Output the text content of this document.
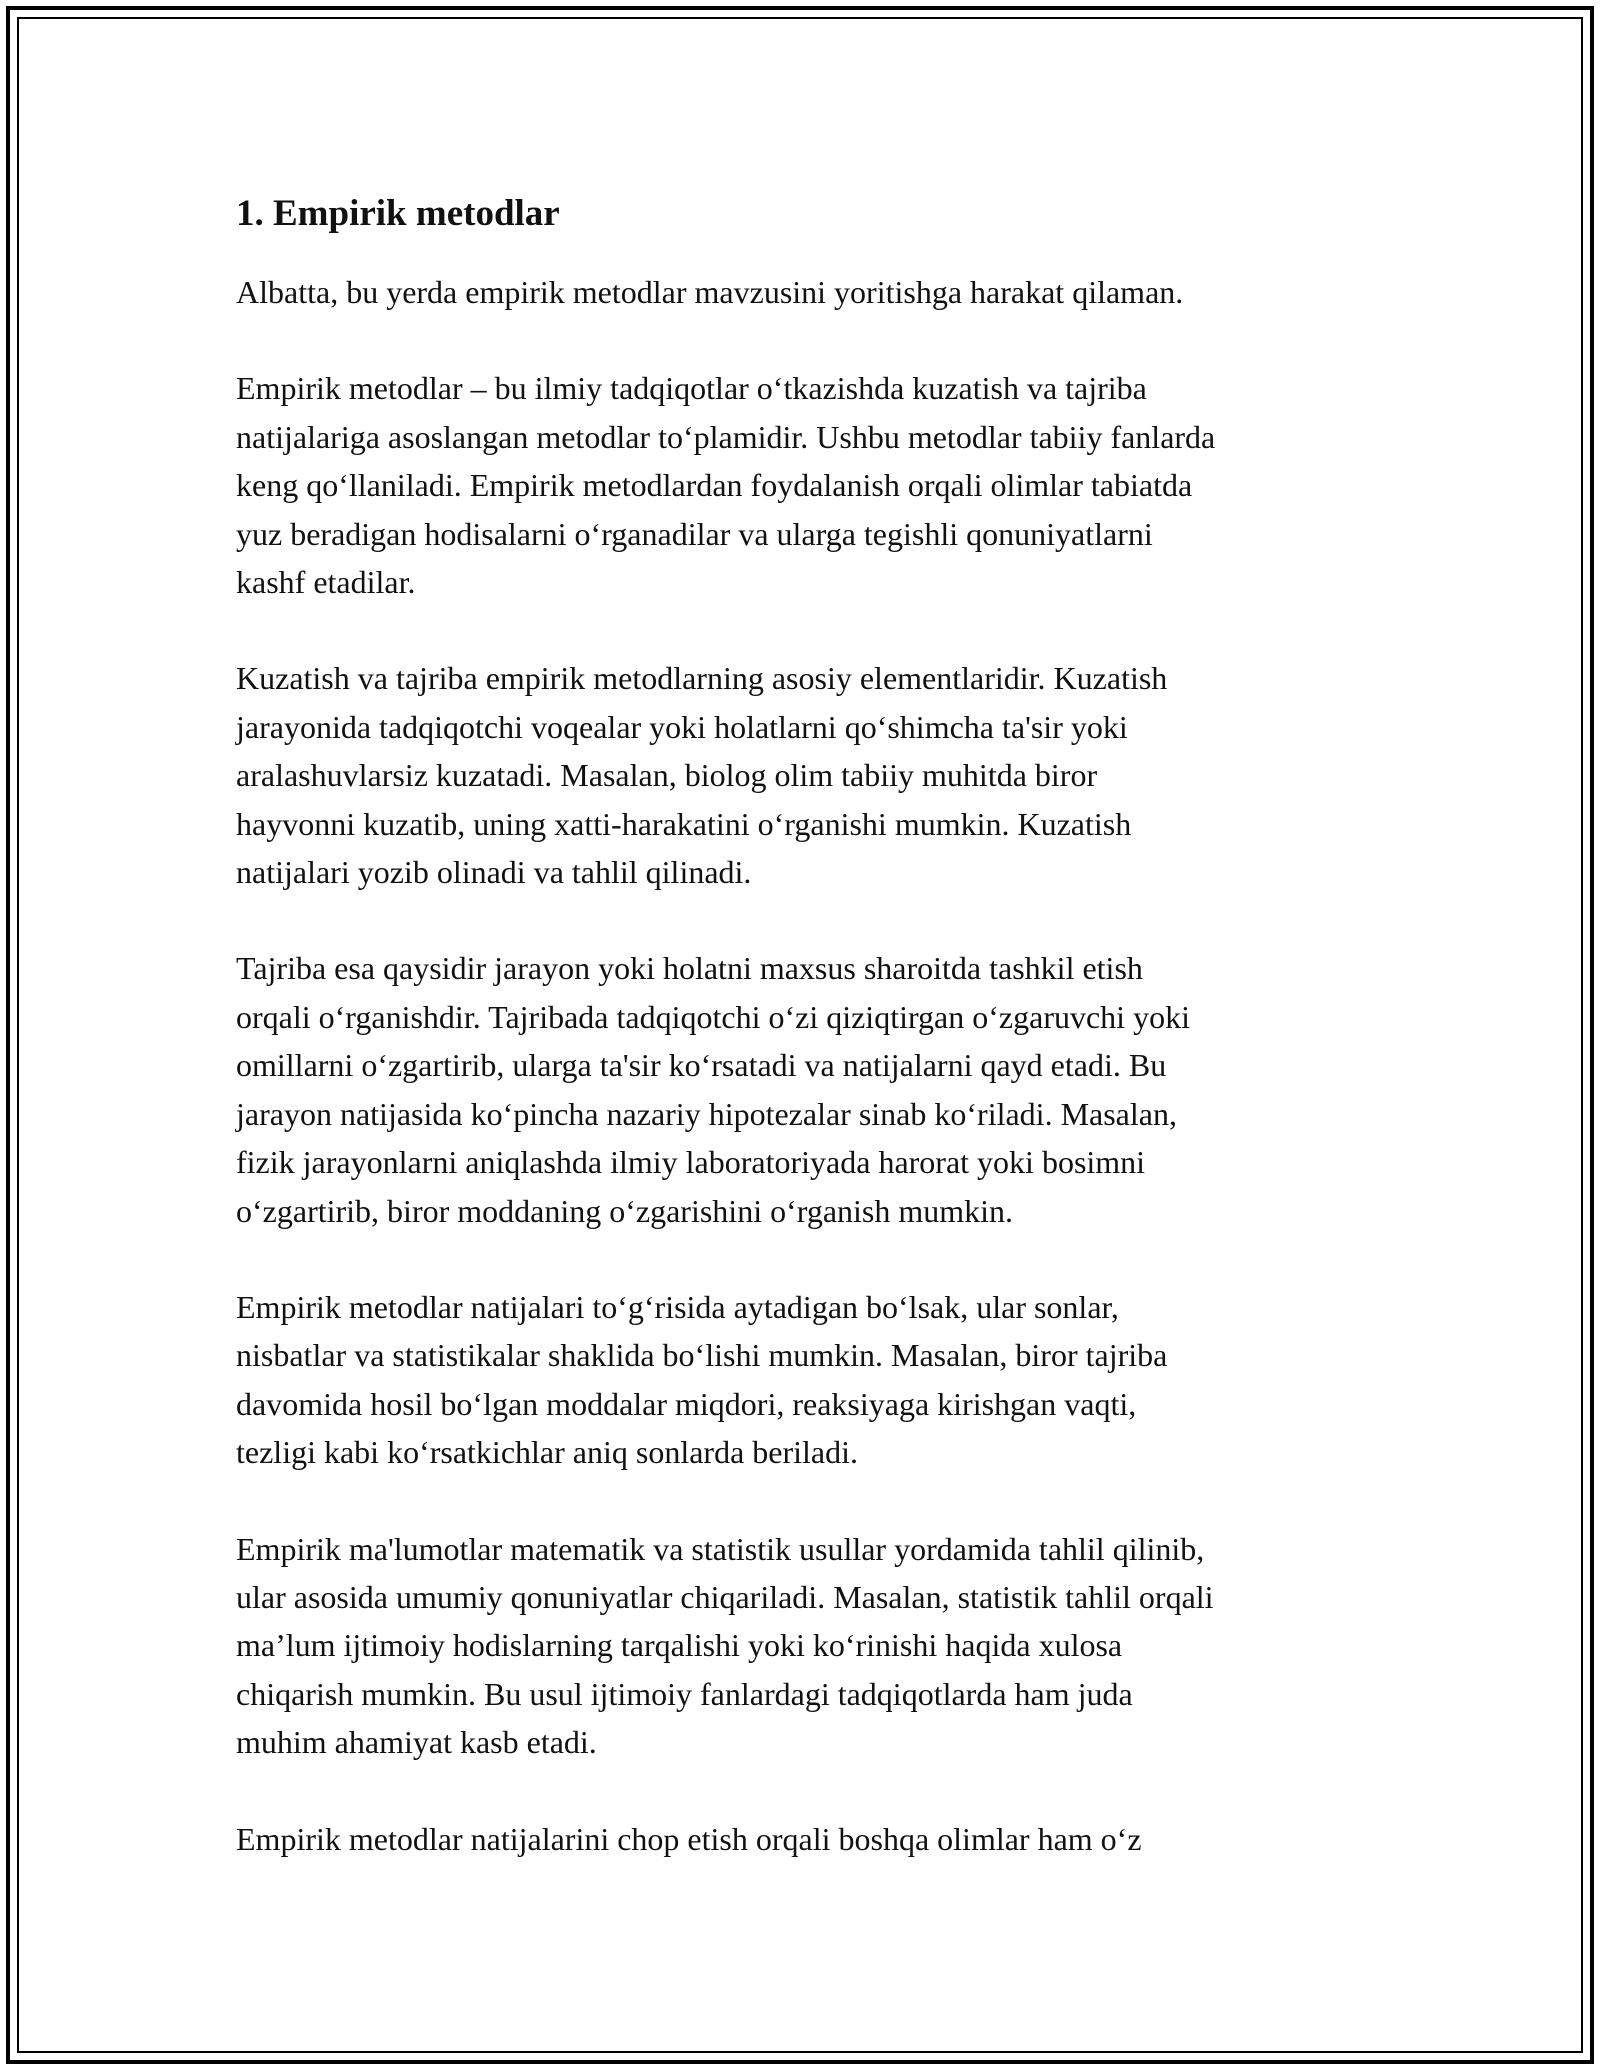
1. Empirik metodlar

Albatta, bu yerda empirik metodlar mavzusini yoritishga harakat qilaman.

Empirik metodlar – bu ilmiy tadqiqotlar o‘tkazishda kuzatish va tajriba
natijalariga asoslangan metodlar to‘plamidir. Ushbu metodlar tabiiy fanlarda
keng qo‘llaniladi. Empirik metodlardan foydalanish orqali olimlar tabiatda
yuz beradigan hodisalarni o‘rganadilar va ularga tegishli qonuniyatlarni
kashf etadilar.

Kuzatish va tajriba empirik metodlarning asosiy elementlaridir. Kuzatish
jarayonida tadqiqotchi voqealar yoki holatlarni qo‘shimcha ta'sir yoki
aralashuvlarsiz kuzatadi. Masalan, biolog olim tabiiy muhitda biror
hayvonni kuzatib, uning xatti-harakatini o‘rganishi mumkin. Kuzatish
natijalari yozib olinadi va tahlil qilinadi.

Tajriba esa qaysidir jarayon yoki holatni maxsus sharoitda tashkil etish
orqali o‘rganishdir. Tajribada tadqiqotchi o‘zi qiziqtirgan o‘zgaruvchi yoki
omillarni o‘zgartirib, ularga ta'sir ko‘rsatadi va natijalarni qayd etadi. Bu
jarayon natijasida ko‘pincha nazariy hipotezalar sinab ko‘riladi. Masalan,
fizik jarayonlarni aniqlashda ilmiy laboratoriyada harorat yoki bosimni
o‘zgartirib, biror moddaning o‘zgarishini o‘rganish mumkin.

Empirik metodlar natijalari to‘g‘risida aytadigan bo‘lsak, ular sonlar,
nisbatlar va statistikalar shaklida bo‘lishi mumkin. Masalan, biror tajriba
davomida hosil bo‘lgan moddalar miqdori, reaksiyaga kirishgan vaqti,
tezligi kabi ko‘rsatkichlar aniq sonlarda beriladi.

Empirik ma'lumotlar matematik va statistik usullar yordamida tahlil qilinib,
ular asosida umumiy qonuniyatlar chiqariladi. Masalan, statistik tahlil orqali
ma’lum ijtimoiy hodislarning tarqalishi yoki ko‘rinishi haqida xulosa
chiqarish mumkin. Bu usul ijtimoiy fanlardagi tadqiqotlarda ham juda
muhim ahamiyat kasb etadi.

Empirik metodlar natijalarini chop etish orqali boshqa olimlar ham o‘z
